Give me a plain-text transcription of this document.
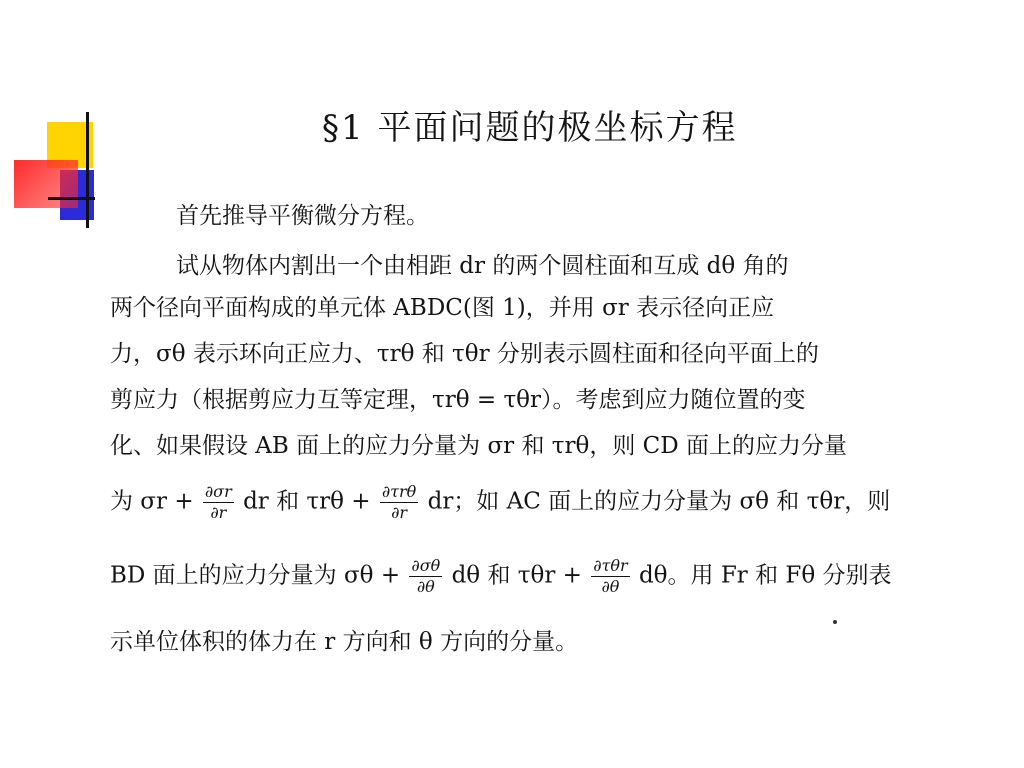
§1 平面问题的极坐标方程
首先推导平衡微分方程。
试从物体内割出一个由相距 dr 的两个圆柱面和互成 dθ 角的
两个径向平面构成的单元体 ABDC(图 1)，并用 σr 表示径向正应
力，σθ 表示环向正应力、τrθ 和 τθr 分别表示圆柱面和径向平面上的
剪应力（根据剪应力互等定理，τrθ = τθr）。考虑到应力随位置的变
化、如果假设 AB 面上的应力分量为 σr 和 τrθ，则 CD 面上的应力分量
为 $\sigma r + \frac{\partial\sigma r}{\partial r}$ dr 和 $\tau r\theta + \frac{\text{∂τrθ}}{\partial r}$ dr；如 AC 面上的应力分量为 σθ 和 τθr，则
BD 面上的应力分量为 $\sigma\theta + \frac{\partial\sigma\theta}{\partial\theta}$ dθ 和 $\tau\theta r + \frac{\text{∂τθr}}{\partial\theta}$ dθ。用 Fr 和 Fθ 分别表
示单位体积的体力在 r 方向和 θ 方向的分量。
